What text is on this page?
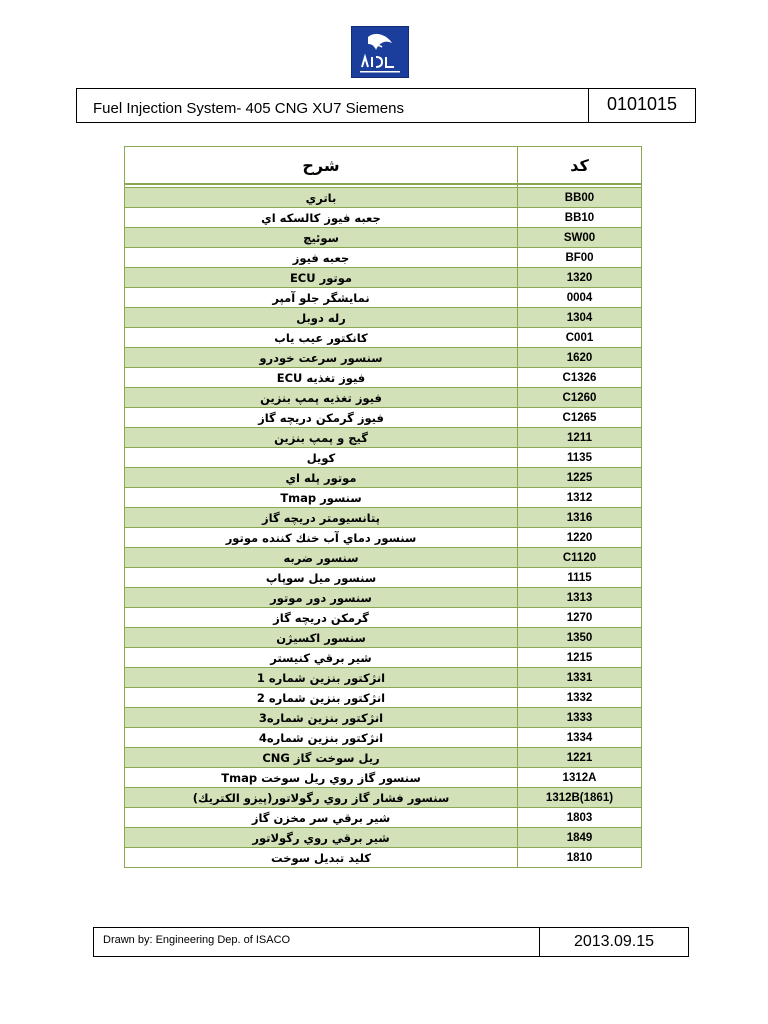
Fuel Injection System- 405 CNG XU7 Siemens	0101015
شرح	كد

باتري	BB00
جعبه فيوز كالسكه اي	BB10
سوئيچ	SW00
جعبه فيوز	BF00
ECU موتور	1320
نمايشگر جلو آمپر	0004
رله دوبل	1304
كانكتور عيب ياب	C001
سنسور سرعت خودرو	1620
ECU فيوز تغذيه	C1326
فيوز تغذيه پمپ بنزين	C1260
فيوز گرمكن دريچه گاز	C1265
گيج و پمپ بنزين	1211
كويل	1135
موتور پله اي	1225
Tmap سنسور	1312
پتانسيومتر دريچه گاز	1316
سنسور دماي آب خنك كننده موتور	1220
سنسور ضربه	C1120
سنسور ميل سوپاپ	1115
سنسور دور موتور	1313
گرمكن دريچه گاز	1270
سنسور اكسيژن	1350
شير برقي كنيستر	1215
انژكتور بنزين شماره 1	1331
انژكتور بنزين شماره 2	1332
انژكتور بنزين شماره3	1333
انژكتور بنزين شماره4	1334
ريل سوخت گاز CNG	1221
Tmap سنسور گاز روي ريل سوخت	1312A
سنسور فشار گاز روي رگولاتور(پيزو الكتريك)	1312B(1861)
شير برقي سر مخزن گاز	1803
شير برقي روي رگولاتور	1849
كليد تبديل سوخت	1810
Drawn by: Engineering Dep. of ISACO	2013.09.15
